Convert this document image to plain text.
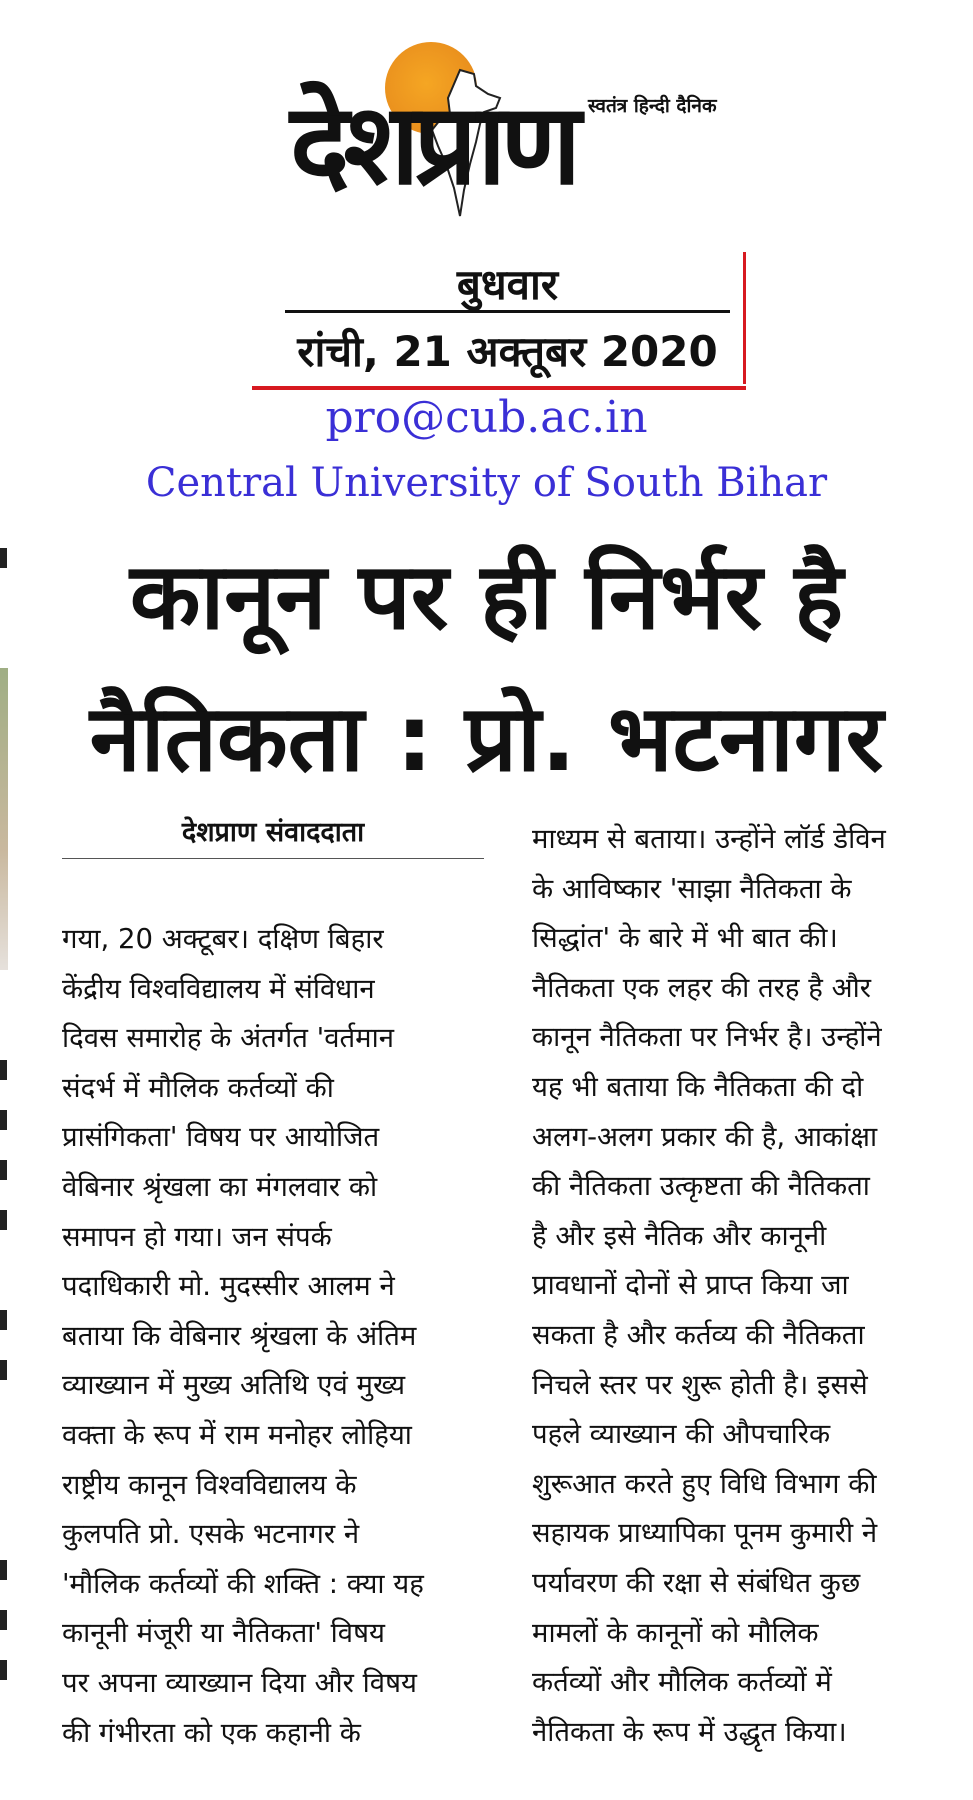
देशप्राण स्वतंत्र हिन्दी दैनिक
बुधवार
रांची, 21 अक्तूबर 2020
pro@cub.ac.in
Central University of South Bihar
कानून पर ही निर्भर है
नैतिकता : प्रो. भटनागर
देशप्राण संवाददाता
गया, 20 अक्टूबर। दक्षिण बिहार
केंद्रीय विश्वविद्यालय में संविधान
दिवस समारोह के अंतर्गत 'वर्तमान
संदर्भ में मौलिक कर्तव्यों की
प्रासंगिकता' विषय पर आयोजित
वेबिनार श्रृंखला का मंगलवार को
समापन हो गया। जन संपर्क
पदाधिकारी मो. मुदस्सीर आलम ने
बताया कि वेबिनार श्रृंखला के अंतिम
व्याख्यान में मुख्य अतिथि एवं मुख्य
वक्ता के रूप में राम मनोहर लोहिया
राष्ट्रीय कानून विश्वविद्यालय के
कुलपति प्रो. एसके भटनागर ने
'मौलिक कर्तव्यों की शक्ति : क्या यह
कानूनी मंजूरी या नैतिकता' विषय
पर अपना व्याख्यान दिया और विषय
की गंभीरता को एक कहानी के
माध्यम से बताया। उन्होंने लॉर्ड डेविन
के आविष्कार 'साझा नैतिकता के
सिद्धांत' के बारे में भी बात की।
नैतिकता एक लहर की तरह है और
कानून नैतिकता पर निर्भर है। उन्होंने
यह भी बताया कि नैतिकता की दो
अलग-अलग प्रकार की है, आकांक्षा
की नैतिकता उत्कृष्टता की नैतिकता
है और इसे नैतिक और कानूनी
प्रावधानों दोनों से प्राप्त किया जा
सकता है और कर्तव्य की नैतिकता
निचले स्तर पर शुरू होती है। इससे
पहले व्याख्यान की औपचारिक
शुरूआत करते हुए विधि विभाग की
सहायक प्राध्यापिका पूनम कुमारी ने
पर्यावरण की रक्षा से संबंधित कुछ
मामलों के कानूनों को मौलिक
कर्तव्यों और मौलिक कर्तव्यों में
नैतिकता के रूप में उद्धृत किया।
